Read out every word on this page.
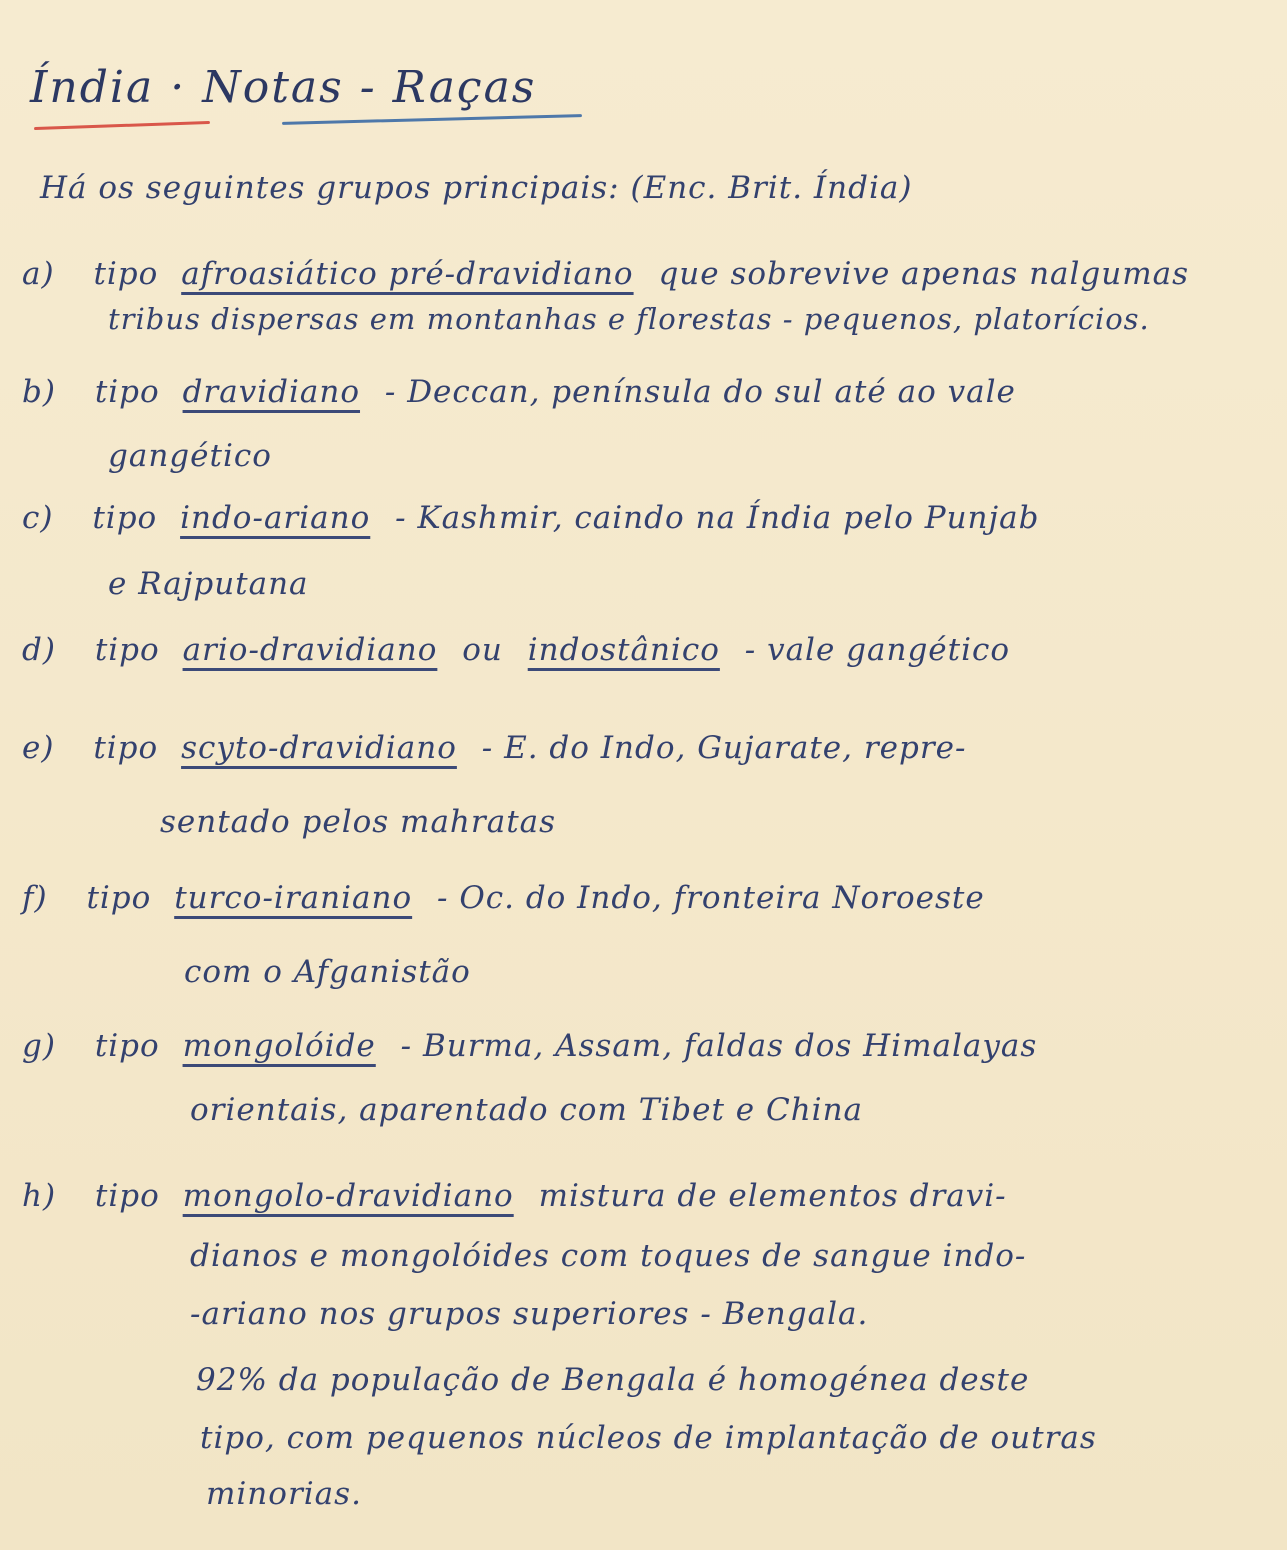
Índia · Notas - Raças
Há os seguintes grupos principais: (Enc. Brit. Índia)
a) tipo afroasiático pré-dravidiano que sobrevive apenas nalgumas
tribus dispersas em montanhas e florestas - pequenos, platorícios.
b) tipo dravidiano - Deccan, península do sul até ao vale
gangético
c) tipo indo-ariano - Kashmir, caindo na Índia pelo Punjab
e Rajputana
d) tipo ario-dravidiano ou indostânico - vale gangético
e) tipo scyto-dravidiano - E. do Indo, Gujarate, repre-
sentado pelos mahratas
f) tipo turco-iraniano - Oc. do Indo, fronteira Noroeste
com o Afganistão
g) tipo mongolóide - Burma, Assam, faldas dos Himalayas
orientais, aparentado com Tibet e China
h) tipo mongolo-dravidiano mistura de elementos dravi-
dianos e mongolóides com toques de sangue indo-
-ariano nos grupos superiores - Bengala.
92% da população de Bengala é homogénea deste
tipo, com pequenos núcleos de implantação de outras
minorias.
